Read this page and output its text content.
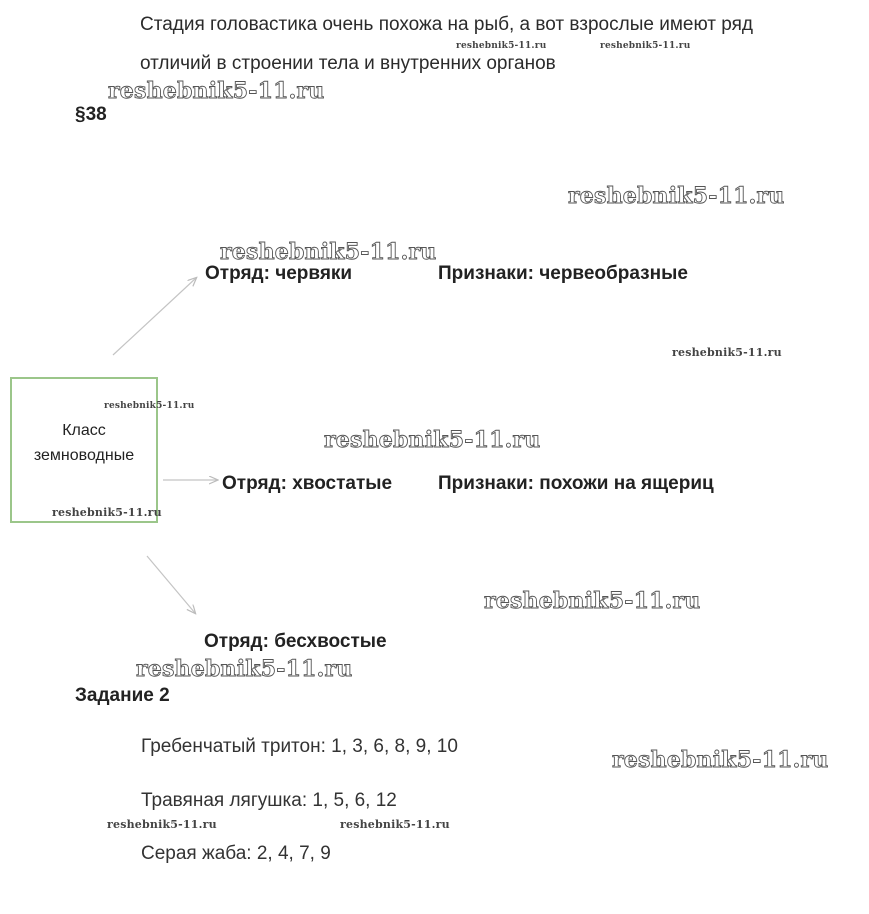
Стадия головастика очень похожа на рыб, а вот взрослые имеют ряд
отличий в строении тела и внутренних органов
§38
Класс земноводные
Отряд: червяки	Признаки: червеобразные
Отряд: хвостатые Признаки: похожи на ящериц
Отряд: бесхвостые
Задание 2
Гребенчатый тритон: 1, 3, 6, 8, 9, 10
Травяная лягушка: 1, 5, 6, 12
Серая жаба: 2, 4, 7, 9
reshebnik5-11.ru	reshebnik5-11.ru
reshebnik5-11.ru
reshebnik5-11.ru
reshebnik5-11.ru
reshebnik5-11.ru
reshebnik5-11.ru
reshebnik5-11.ru
reshebnik5-11.ru
reshebnik5-11.ru
reshebnik5-11.ru
reshebnik5-11.ru
reshebnik5-11.ru	reshebnik5-11.ru
